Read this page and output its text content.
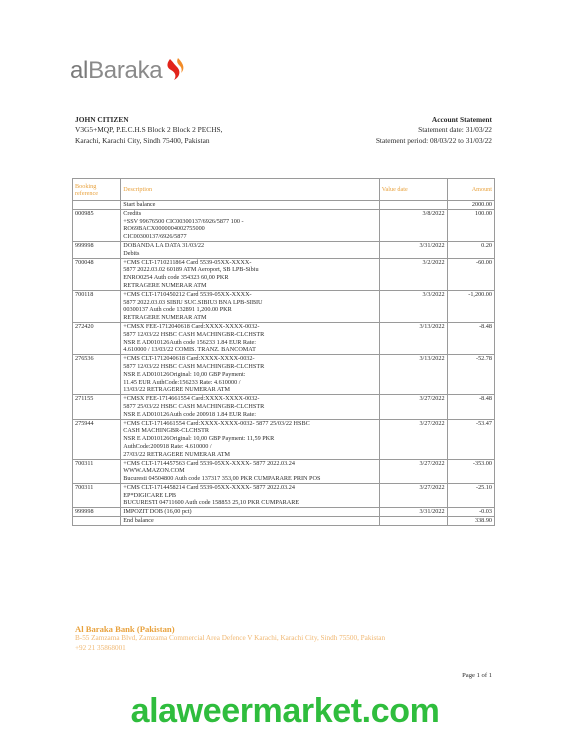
alBaraka
JOHN CITIZEN
V3G5+MQP, P.E.C.H.S Block 2 Block 2 PECHS,
Karachi, Karachi City, Sindh 75400, Pakistan
Account Statement
Statement date: 31/03/22
Statement period: 08/03/22 to 31/03/22
Booking reference	Description	Value date	Amount

	Start balance		2000.00
000985	Credits
+SSV 99676500 CIC00300137/6926/5877 100 -
RO69BACX0000004002755000
CIC00300137/6926/5877	3/8/2022	100.00
999998	DOBANDA LA DATA 31/03/22
Debits	3/31/2022	0.20
700048	+CMS CLT-1710211864 Card 5539-05XX-XXXX-
5877 2022.03.02 60189 ATM Aeroport, SB LPB-Sibiu
ENRO0254 Auth code 354323 60,00 PKR
RETRAGERE NUMERAR ATM	3/2/2022	-60.00
700118	+CMS CLT-1710450212 Card 5539-05XX-XXXX-
5877 2022.03.03 SIBIU SUC.SIBIU3 BNA LPB-SIBIU
00300137 Auth code 132891 1,200.00 PKR
RETRAGERE NUMERAR ATM	3/3/2022	-1,200.00
272420	+CMSX FEE-1712040618 Card:XXXX-XXXX-0032-
5877 12/03/22 HSBC CASH MACHINGBR-CLCHSTR
NSR E AD010126Auth code 156233 1.84 EUR Rate:
4.610000 / 13/03/22 COMIS. TRANZ. BANCOMAT	3/13/2022	-8.48
276536	+CMS CLT-1712040618 Card:XXXX-XXXX-0032-
5877 12/03/22 HSBC CASH MACHINGBR-CLCHSTR
NSR E AD010126Original: 10,00 GBP Payment:
11.45 EUR AuthCode:156233 Rate: 4.610000 /
13/03/22 RETRAGERE NUMERAR ATM	3/13/2022	-52.78
271155	+CMSX FEE-1714661554 Card:XXXX-XXXX-0032-
5877 25/03/22 HSBC CASH MACHINGBR-CLCHSTR
NSR E AD010126Auth code 200918 1.84 EUR Rate:	3/27/2022	-8.48
275944	+CMS CLT-1714661554 Card:XXXX-XXXX-0032- 5877 25/03/22 HSBC
CASH MACHINGBR-CLCHSTR
NSR E AD010126Original: 10,00 GBP Payment: 11,59 PKR
AuthCode:200918 Rate: 4.610000 /
27/03/22 RETRAGERE NUMERAR ATM	3/27/2022	-53.47
700311	+CMS CLT-1714457563 Card 5539-05XX-XXXX- 5877 2022.03.24
WWW.AMAZON.COM
Bucuresti 04504800 Auth code 137317 353,00 PKR CUMPARARE PRIN POS	3/27/2022	-353.00
700311	+CMS CLT-1714458214 Card 5539-05XX-XXXX- 5877 2022.03.24
EP*DIGICARE LPB
BUCURESTI 04711600 Auth code 158853 25,10 PKR CUMPARARE	3/27/2022	-25.10
999998	IMPOZIT DOB (16,00 pct)	3/31/2022	-0.03

	End balance		338.90
Al Baraka Bank (Pakistan)
B-55 Zamzama Blvd, Zamzama Commercial Area Defence V Karachi, Karachi City, Sindh 75500, Pakistan
+92 21 35868001
Page 1 of 1
alaweermarket.com
